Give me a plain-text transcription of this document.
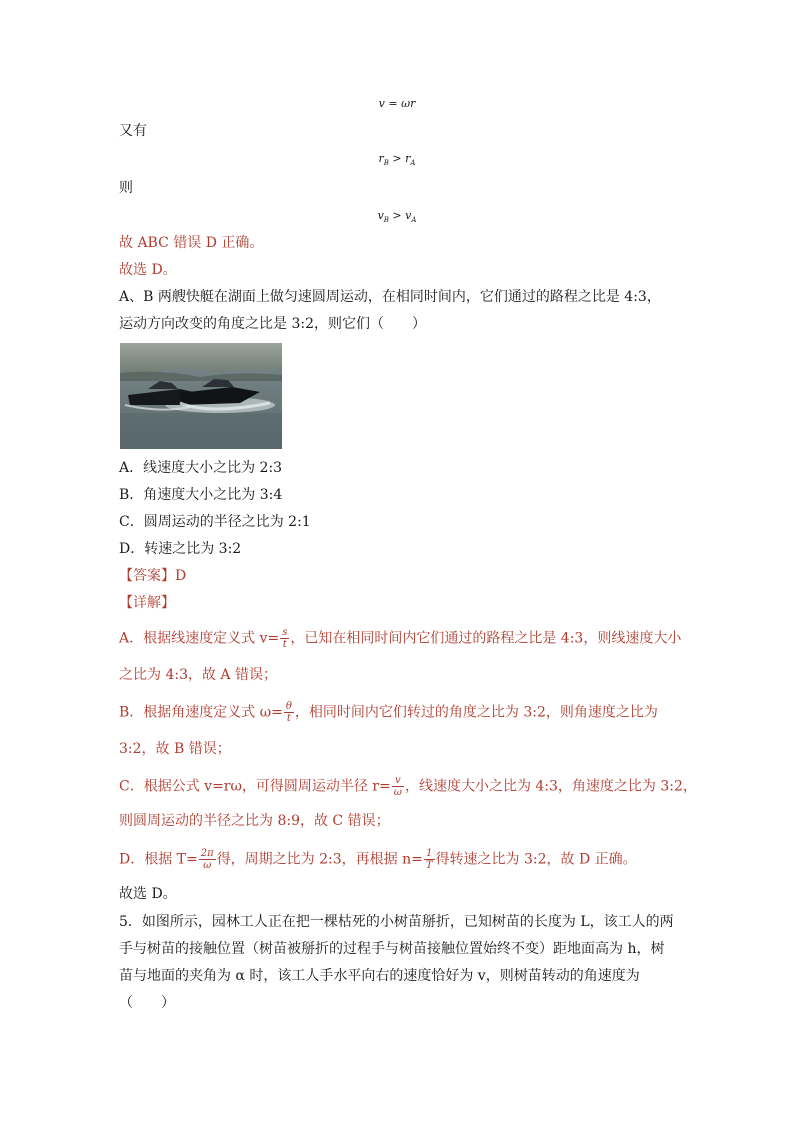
v = ωr
又有
$r_B > r_A$
则
$v_B > v_A$
故 ABC 错误 D 正确。
故选 D。
A、B 两艘快艇在湖面上做匀速圆周运动，在相同时间内，它们通过的路程之比是 4:3，
运动方向改变的角度之比是 3:2，则它们（　　）
A．线速度大小之比为 2:3
B．角速度大小之比为 3:4
C．圆周运动的半径之比为 2:1
D．转速之比为 3:2
【答案】D
【详解】
A．根据线速度定义式 $v= \frac{s}{t}$ ，已知在相同时间内它们通过的路程之比是 4:3，则线速度大小
之比为 4:3，故 A 错误；
B．根据角速度定义式 $\omega= \frac{\theta}{t}$ ，相同时间内它们转过的角度之比为 3:2，则角速度之比为
3:2，故 B 错误；
C．根据公式 v=rω，可得圆周运动半径 $r= \frac{v}{\omega}$ ，线速度大小之比为 4:3，角速度之比为 3:2，
则圆周运动的半径之比为 8:9，故 C 错误；
D．根据 $T= \frac{2\pi}{\omega}$ 得，周期之比为 2:3，再根据 $n= \frac{1}{T}$ 得转速之比为 3:2，故 D 正确。
故选 D。
5．如图所示，园林工人正在把一棵枯死的小树苗掰折，已知树苗的长度为 L，该工人的两
手与树苗的接触位置（树苗被掰折的过程手与树苗接触位置始终不变）距地面高为 h，树
苗与地面的夹角为 α 时，该工人手水平向右的速度恰好为 v，则树苗转动的角速度为
（　　）
